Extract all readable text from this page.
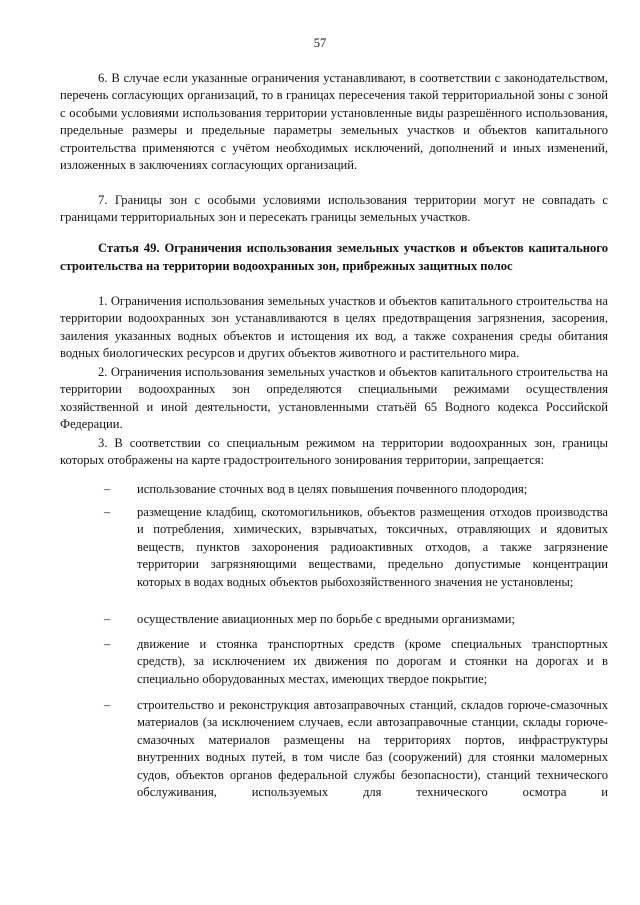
57

6. В случае если указанные ограничения устанавливают, в соответствии с законодательством, перечень согласующих организаций, то в границах пересечения такой территориальной зоны с зоной с особыми условиями использования территории установленные виды разрешённого использования, предельные размеры и предельные параметры земельных участков и объектов капитального строительства применяются с учётом необходимых исключений, дополнений и иных изменений, изложенных в заключениях согласующих организаций.

7. Границы зон с особыми условиями использования территории могут не совпадать с границами территориальных зон и пересекать границы земельных участков.

Статья 49. Ограничения использования земельных участков и объектов капитального строительства на территории водоохранных зон, прибрежных защитных полос

1. Ограничения использования земельных участков и объектов капитального строительства на территории водоохранных зон устанавливаются в целях предотвращения загрязнения, засорения, заиления указанных водных объектов и истощения их вод, а также сохранения среды обитания водных биологических ресурсов и других объектов животного и растительного мира.

2. Ограничения использования земельных участков и объектов капитального строительства на территории водоохранных зон определяются специальными режимами осуществления хозяйственной и иной деятельности, установленными статьёй 65 Водного кодекса Российской Федерации.

3. В соответствии со специальным режимом на территории водоохранных зон, границы которых отображены на карте градостроительного зонирования территории, запрещается:

– использование сточных вод в целях повышения почвенного плодородия;

– размещение кладбищ, скотомогильников, объектов размещения отходов производства и потребления, химических, взрывчатых, токсичных, отравляющих и ядовитых веществ, пунктов захоронения радиоактивных отходов, а также загрязнение территории загрязняющими веществами, предельно допустимые концентрации которых в водах водных объектов рыбохозяйственного значения не установлены;

– осуществление авиационных мер по борьбе с вредными организмами;

– движение и стоянка транспортных средств (кроме специальных транспортных средств), за исключением их движения по дорогам и стоянки на дорогах и в специально оборудованных местах, имеющих твердое покрытие;

– строительство и реконструкция автозаправочных станций, складов горюче-смазочных материалов (за исключением случаев, если автозаправочные станции, склады горюче-смазочных материалов размещены на территориях портов, инфраструктуры внутренних водных путей, в том числе баз (сооружений) для стоянки маломерных судов, объектов органов федеральной службы безопасности), станций технического обслуживания, используемых для технического осмотра и
